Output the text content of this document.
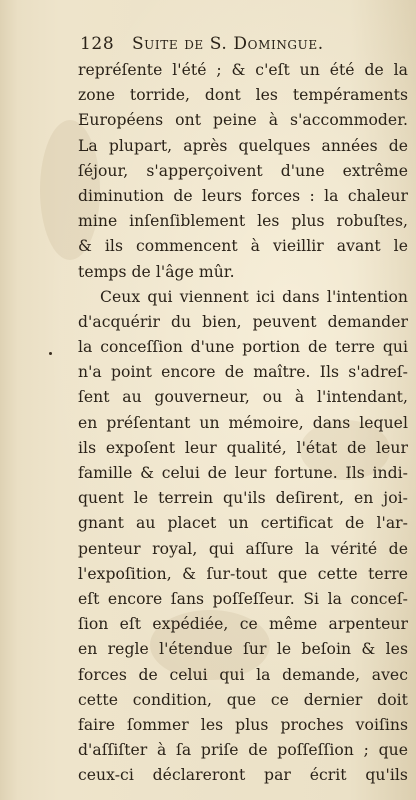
128 Suite de S. Domingue.
repréſente l'été ; & c'eſt un été de la
zone torride, dont les tempéraments
Européens ont peine à s'accommoder.
La plupart, après quelques années de
ſéjour, s'apperçoivent d'une extrême
diminution de leurs forces : la chaleur
mine inſenſiblement les plus robuſtes,
& ils commencent à vieillir avant le
temps de l'âge mûr.
Ceux qui viennent ici dans l'intention
d'acquérir du bien, peuvent demander
la conceſſion d'une portion de terre qui
n'a point encore de maître. Ils s'adreſ-
ſent au gouverneur, ou à l'intendant,
en préſentant un mémoire, dans lequel
ils expoſent leur qualité, l'état de leur
famille & celui de leur fortune. Ils indi-
quent le terrein qu'ils deſirent, en joi-
gnant au placet un certificat de l'ar-
penteur royal, qui aſſure la vérité de
l'expoſition, & ſur-tout que cette terre
eſt encore ſans poſſeſſeur. Si la conceſ-
ſion eſt expédiée, ce même arpenteur
en regle l'étendue ſur le beſoin & les
forces de celui qui la demande, avec
cette condition, que ce dernier doit
faire ſommer les plus proches voiſins
d'aſſiſter à ſa priſe de poſſeſſion ; que
ceux-ci déclareront par écrit qu'ils
